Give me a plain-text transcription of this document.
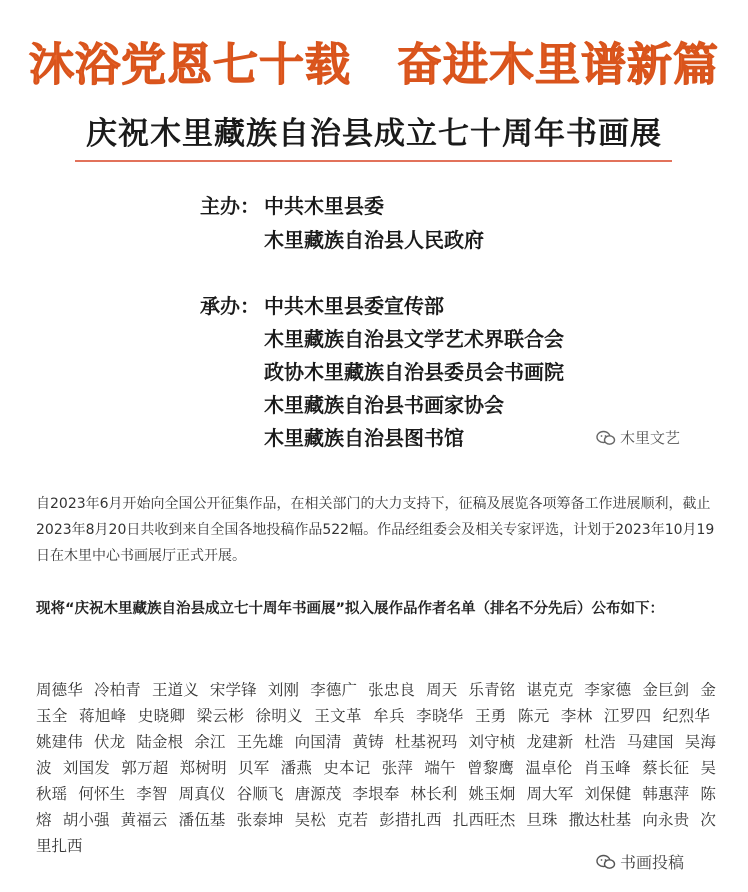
沐浴党恩七十载　奋进木里谱新篇
庆祝木里藏族自治县成立七十周年书画展
主办： 中共木里县委
木里藏族自治县人民政府
承办： 中共木里县委宣传部
木里藏族自治县文学艺术界联合会
政协木里藏族自治县委员会书画院
木里藏族自治县书画家协会
木里藏族自治县图书馆	木里文艺
自2023年6月开始向全国公开征集作品，在相关部门的大力支持下，征稿及展览各项筹备工作进展顺利，截止2023年8月20日共收到来自全国各地投稿作品522幅。作品经组委会及相关专家评选，计划于2023年10月19日在木里中心书画展厅正式开展。
现将“庆祝木里藏族自治县成立七十周年书画展”拟入展作品作者名单（排名不分先后）公布如下：
周德华 冷柏青 王道义 宋学锋 刘刚 李德广 张忠良 周天 乐青铭 谌克克 李家德 金巨剑 金玉全 蒋旭峰 史晓卿 梁云彬 徐明义 王文革 牟兵 李晓华 王勇 陈元 李林 江罗四 纪烈华 姚建伟 伏龙 陆金根 余江 王先雄 向国清 黄铸 杜基祝玛 刘守桢 龙建新 杜浩 马建国 吴海波 刘国发 郭万超 郑树明 贝军 潘燕 史本记 张萍 端午 曾黎鹰 温卓伦 肖玉峰 蔡长征 吴秋瑶 何怀生 李智 周真仪 谷顺飞 唐源茂 李垠奉 林长利 姚玉炯 周大军 刘保健 韩惠萍 陈熔 胡小强 黄福云 潘伍基 张泰坤 吴松 克若 彭措扎西 扎西旺杰 旦珠 撒达杜基 向永贵 次里扎西
书画投稿
